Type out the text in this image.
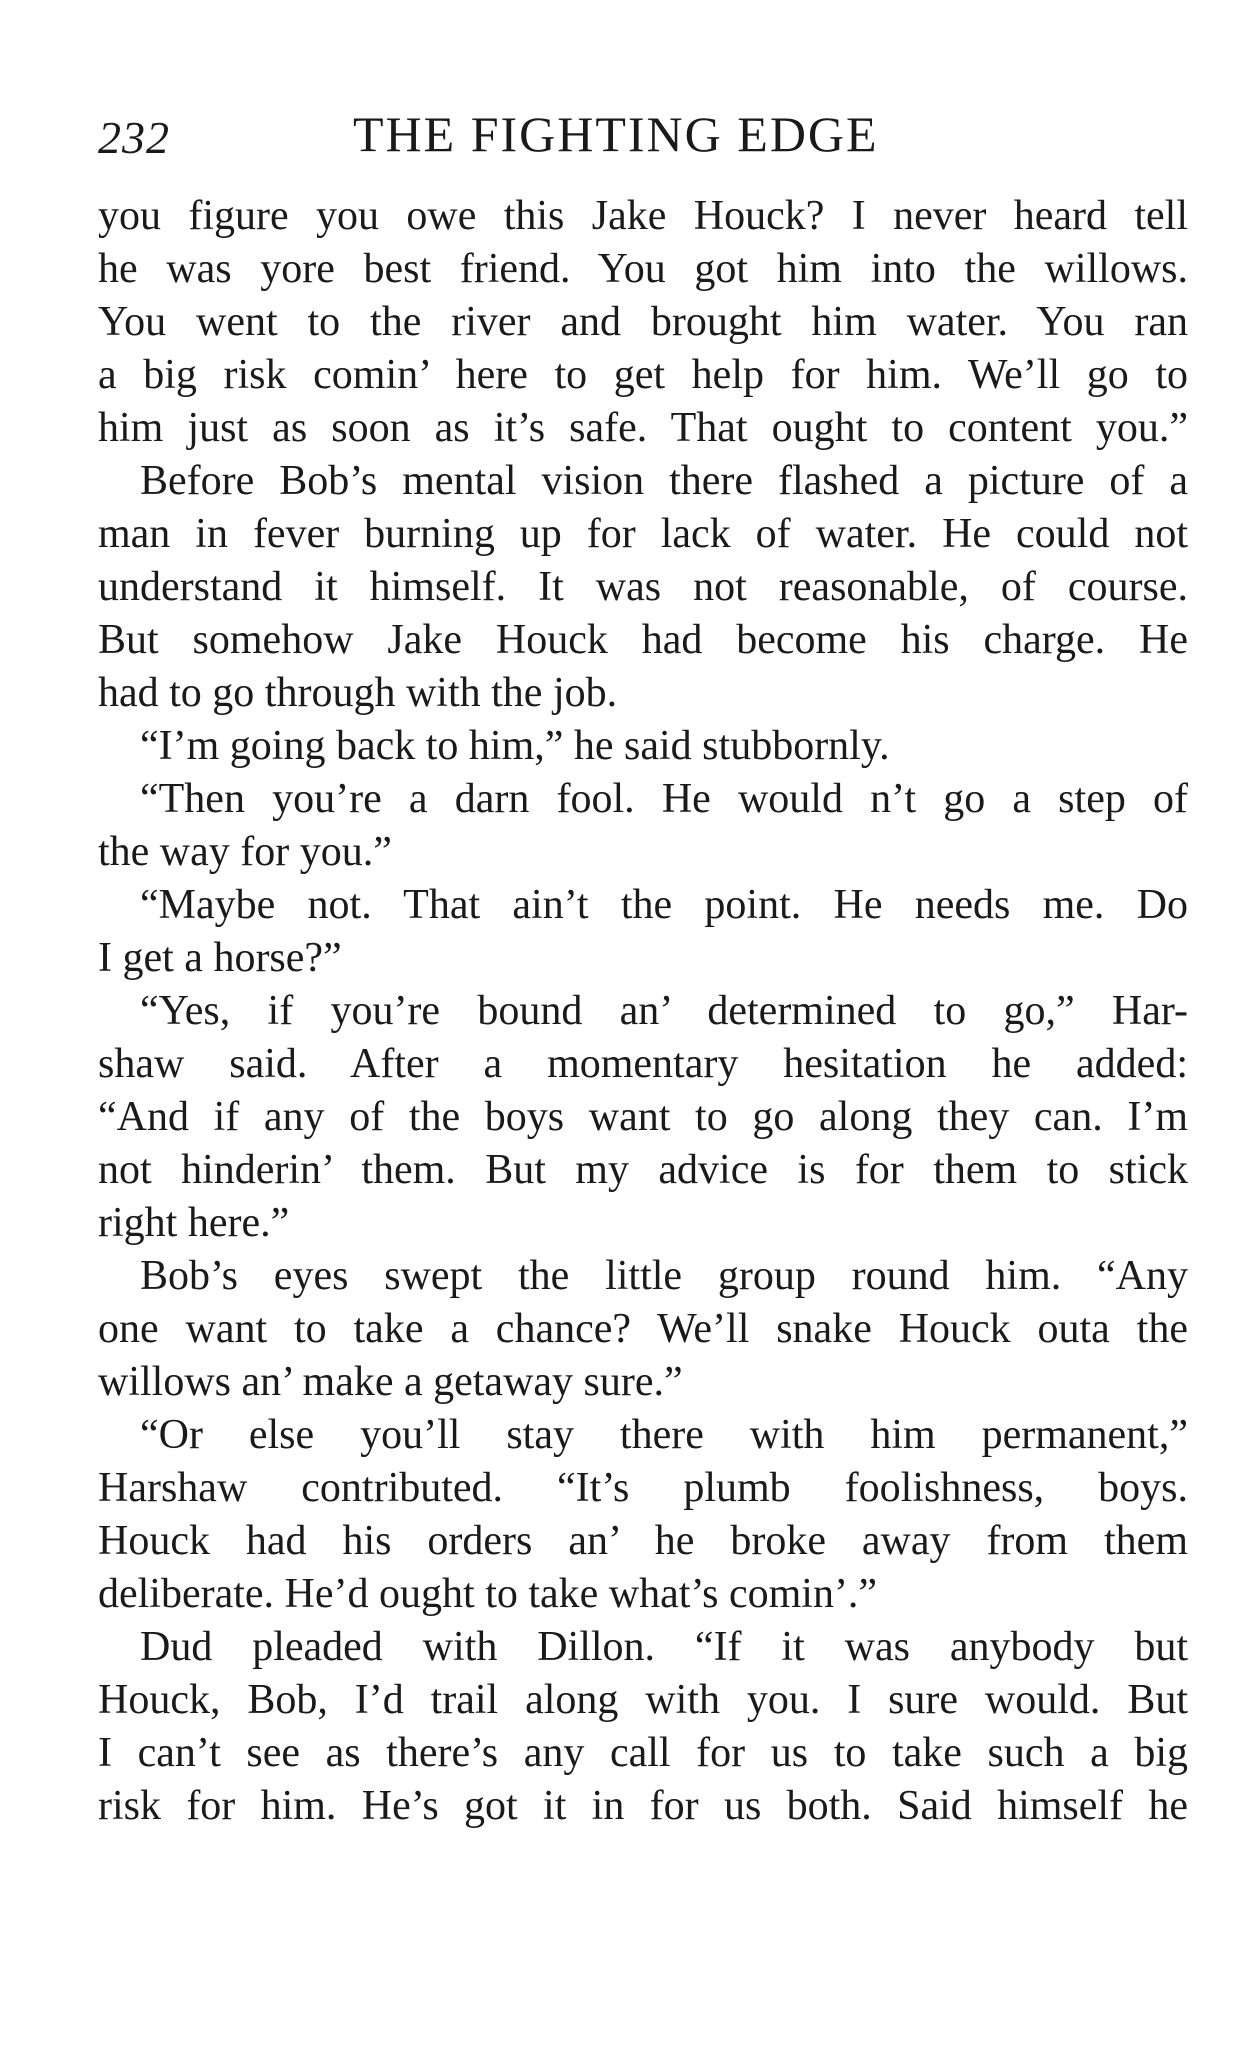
232	THE FIGHTING EDGE
you figure you owe this Jake Houck? I never heard tell
he was yore best friend. You got him into the willows.
You went to the river and brought him water. You ran
a big risk comin’ here to get help for him. We’ll go to
him just as soon as it’s safe. That ought to content you.”
Before Bob’s mental vision there flashed a picture of a
man in fever burning up for lack of water. He could not
understand it himself. It was not reasonable, of course.
But somehow Jake Houck had become his charge. He
had to go through with the job.
“I’m going back to him,” he said stubbornly.
“Then you’re a darn fool. He would n’t go a step of
the way for you.”
“Maybe not. That ain’t the point. He needs me. Do
I get a horse?”
“Yes, if you’re bound an’ determined to go,” Har-
shaw said. After a momentary hesitation he added:
“And if any of the boys want to go along they can. I’m
not hinderin’ them. But my advice is for them to stick
right here.”
Bob’s eyes swept the little group round him. “Any
one want to take a chance? We’ll snake Houck outa the
willows an’ make a getaway sure.”
“Or else you’ll stay there with him permanent,”
Harshaw contributed. “It’s plumb foolishness, boys.
Houck had his orders an’ he broke away from them
deliberate. He’d ought to take what’s comin’.”
Dud pleaded with Dillon. “If it was anybody but
Houck, Bob, I’d trail along with you. I sure would. But
I can’t see as there’s any call for us to take such a big
risk for him. He’s got it in for us both. Said himself he
